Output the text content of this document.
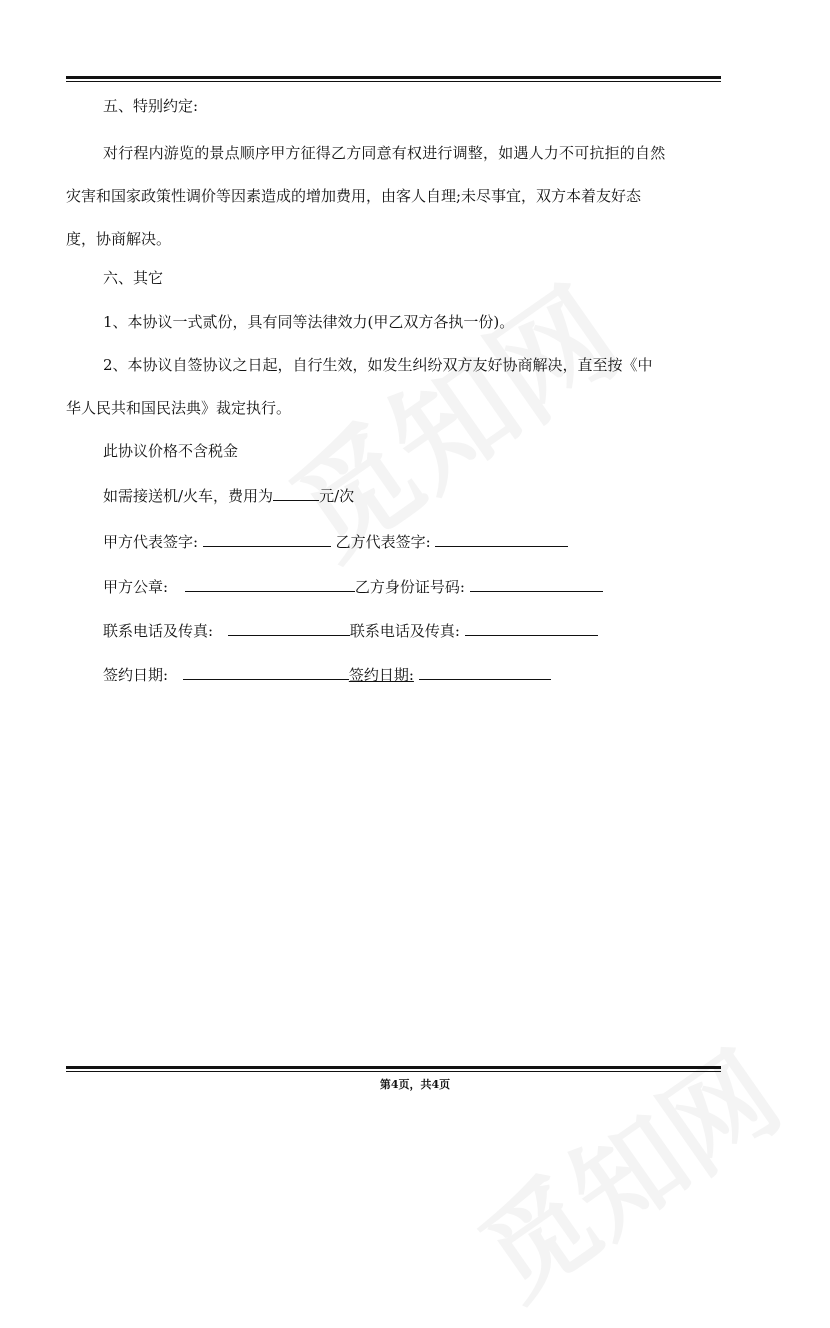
五、特别约定:
对行程内游览的景点顺序甲方征得乙方同意有权进行调整，如遇人力不可抗拒的自然
灾害和国家政策性调价等因素造成的增加费用，由客人自理;未尽事宜，双方本着友好态
度，协商解决。
六、其它
1、本协议一式贰份，具有同等法律效力(甲乙双方各执一份)。
2、本协议自签协议之日起，自行生效，如发生纠纷双方友好协商解决，直至按《中
华人民共和国民法典》裁定执行。
此协议价格不含税金
如需接送机/火车，费用为	元/次
甲方代表签字:	乙方代表签字:
甲方公章:	乙方身份证号码:
联系电话及传真:	联系电话及传真:
签约日期:	签约日期:
第4页，共4页
